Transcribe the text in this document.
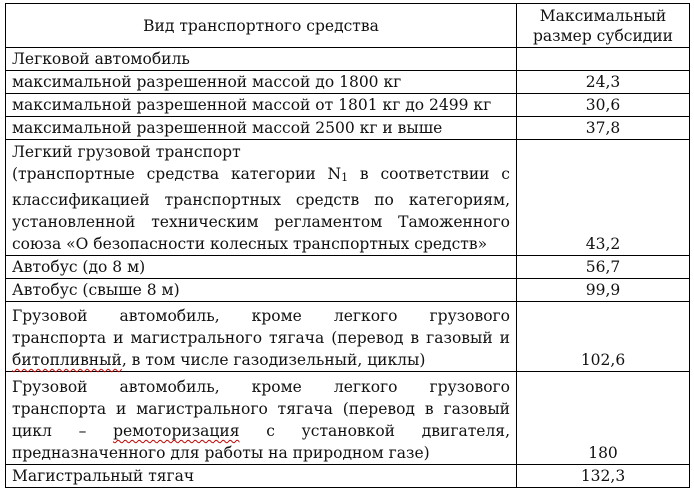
Вид транспортного средства	Максимальный
размер субсидии

Легковой автомобиль	
максимальной разрешенной массой до 1800 кг	24,3
максимальной разрешенной массой от 1801 кг до 2499 кг	30,6
максимальной разрешенной массой 2500 кг и выше	37,8

Легкий грузовой транспорт
(транспортные средства категории N1 в соответствии с
классификацией транспортных средств по категориям,
установленной техническим регламентом Таможенного
союза «О безопасности колесных транспортных средств»	43,2
Автобус (до 8 м)	56,7
Автобус (свыше 8 м)	99,9

Грузовой автомобиль, кроме легкого грузового
транспорта и магистрального тягача (перевод в газовый и
битопливный, в том числе газодизельный, циклы)	102,6

Грузовой автомобиль, кроме легкого грузового
транспорта и магистрального тягача (перевод в газовый
цикл – ремоторизация с установкой двигателя,
предназначенного для работы на природном газе)	180
Магистральный тягач	132,3
